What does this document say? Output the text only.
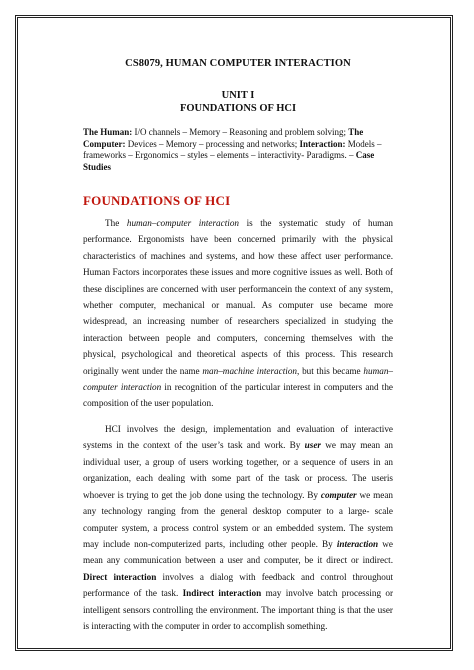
CS8079, HUMAN COMPUTER INTERACTION
UNIT I
FOUNDATIONS OF HCI
The Human: I/O channels – Memory – Reasoning and problem solving; The Computer: Devices – Memory – processing and networks; Interaction: Models – frameworks – Ergonomics – styles – elements – interactivity- Paradigms. – Case Studies
FOUNDATIONS OF HCI

The human–computer interaction is the systematic study of human performance. Ergonomists have been concerned primarily with the physical characteristics of machines and systems, and how these affect user performance. Human Factors incorporates these issues and more cognitive issues as well. Both of these disciplines are concerned with user performancein the context of any system, whether computer, mechanical or manual. As computer use became more widespread, an increasing number of researchers specialized in studying the interaction between people and computers, concerning themselves with the physical, psychological and theoretical aspects of this process. This research originally went under the name man–machine interaction, but this became human–computer interaction in recognition of the particular interest in computers and the composition of the user population.

HCI involves the design, implementation and evaluation of interactive systems in the context of the user’s task and work. By user we may mean an individual user, a group of users working together, or a sequence of users in an organization, each dealing with some part of the task or process. The useris whoever is trying to get the job done using the technology. By computer we mean any technology ranging from the general desktop computer to a large- scale computer system, a process control system or an embedded system. The system may include non-computerized parts, including other people. By interaction we mean any communication between a user and computer, be it direct or indirect. Direct interaction involves a dialog with feedback and control throughout performance of the task. Indirect interaction may involve batch processing or intelligent sensors controlling the environment. The important thing is that the user is interacting with the computer in order to accomplish something.
